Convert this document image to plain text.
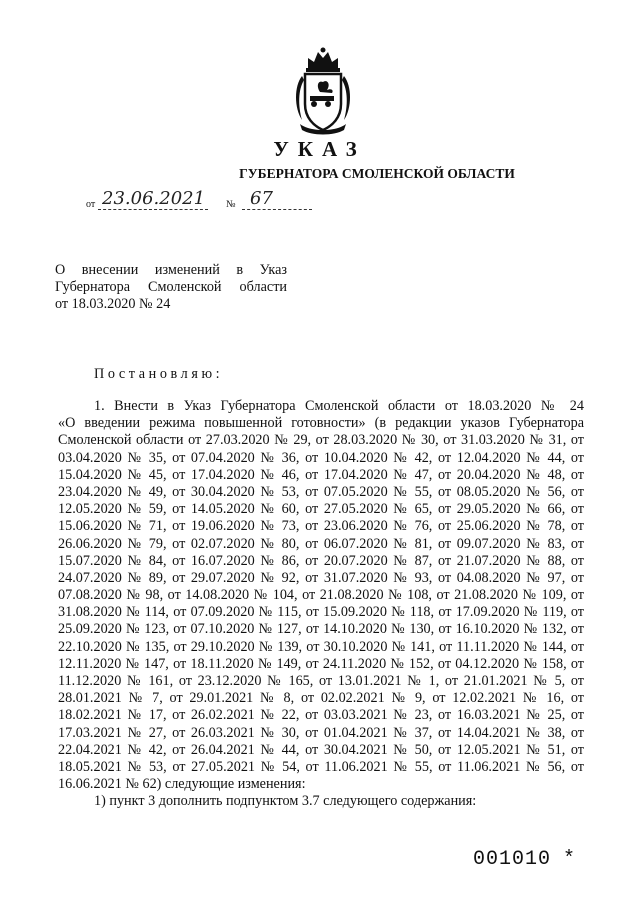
УКАЗ
ГУБЕРНАТОРА СМОЛЕНСКОЙ ОБЛАСТИ
от 23.06.2021 № 67
О внесении изменений в Указ
Губернатора Смоленской области
от 18.03.2020 № 24
Постановляю:
1. Внести в Указ Губернатора Смоленской области от 18.03.2020 № 24
«О введении режима повышенной готовности» (в редакции указов Губернатора
Смоленской области от 27.03.2020 № 29, от 28.03.2020 № 30, от 31.03.2020 № 31, от
03.04.2020 № 35, от 07.04.2020 № 36, от 10.04.2020 № 42, от 12.04.2020 № 44, от
15.04.2020 № 45, от 17.04.2020 № 46, от 17.04.2020 № 47, от 20.04.2020 № 48, от
23.04.2020 № 49, от 30.04.2020 № 53, от 07.05.2020 № 55, от 08.05.2020 № 56, от
12.05.2020 № 59, от 14.05.2020 № 60, от 27.05.2020 № 65, от 29.05.2020 № 66, от
15.06.2020 № 71, от 19.06.2020 № 73, от 23.06.2020 № 76, от 25.06.2020 № 78, от
26.06.2020 № 79, от 02.07.2020 № 80, от 06.07.2020 № 81, от 09.07.2020 № 83, от
15.07.2020 № 84, от 16.07.2020 № 86, от 20.07.2020 № 87, от 21.07.2020 № 88, от
24.07.2020 № 89, от 29.07.2020 № 92, от 31.07.2020 № 93, от 04.08.2020 № 97, от
07.08.2020 № 98, от 14.08.2020 № 104, от 21.08.2020 № 108, от 21.08.2020 № 109, от
31.08.2020 № 114, от 07.09.2020 № 115, от 15.09.2020 № 118, от 17.09.2020 № 119, от
25.09.2020 № 123, от 07.10.2020 № 127, от 14.10.2020 № 130, от 16.10.2020 № 132, от
22.10.2020 № 135, от 29.10.2020 № 139, от 30.10.2020 № 141, от 11.11.2020 № 144, от
12.11.2020 № 147, от 18.11.2020 № 149, от 24.11.2020 № 152, от 04.12.2020 № 158, от
11.12.2020 № 161, от 23.12.2020 № 165, от 13.01.2021 № 1, от 21.01.2021 № 5, от
28.01.2021 № 7, от 29.01.2021 № 8, от 02.02.2021 № 9, от 12.02.2021 № 16, от
18.02.2021 № 17, от 26.02.2021 № 22, от 03.03.2021 № 23, от 16.03.2021 № 25, от
17.03.2021 № 27, от 26.03.2021 № 30, от 01.04.2021 № 37, от 14.04.2021 № 38, от
22.04.2021 № 42, от 26.04.2021 № 44, от 30.04.2021 № 50, от 12.05.2021 № 51, от
18.05.2021 № 53, от 27.05.2021 № 54, от 11.06.2021 № 55, от 11.06.2021 № 56, от
16.06.2021 № 62) следующие изменения:
1) пункт 3 дополнить подпунктом 3.7 следующего содержания:
001010 *
